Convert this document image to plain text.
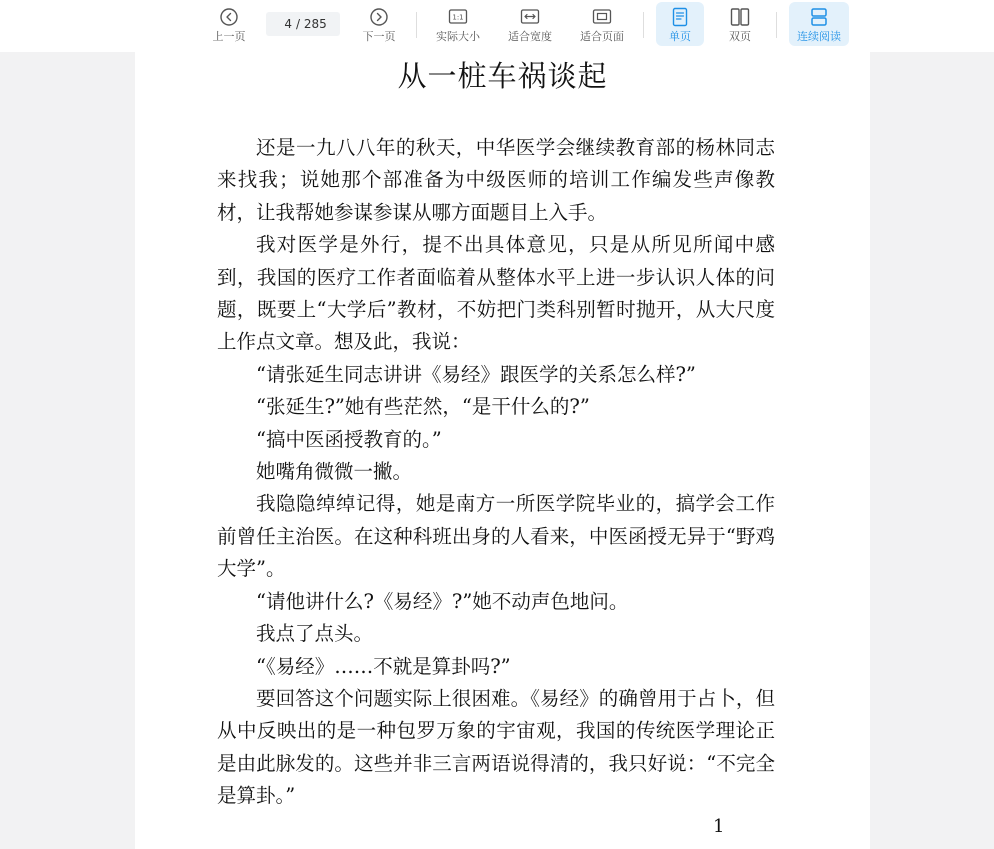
上一页
4
/ 285
下一页
1:1
实际大小	适合宽度	适合页面	单页	双页	连续阅读
从一桩车祸谈起

还是一九八八年的秋天，中华医学会继续教育部的杨林同志来找我；说她那个部准备为中级医师的培训工作编发些声像教材，让我帮她参谋参谋从哪方面题目上入手。

我对医学是外行，提不出具体意见，只是从所见所闻中感到，我国的医疗工作者面临着从整体水平上进一步认识人体的问题，既要上“大学后”教材，不妨把门类科别暂时抛开，从大尺度上作点文章。想及此，我说：

“请张延生同志讲讲《易经》跟医学的关系怎么样?”

“张延生?”她有些茫然，“是干什么的?”

“搞中医函授教育的。”

她嘴角微微一撇。

我隐隐绰绰记得，她是南方一所医学院毕业的，搞学会工作前曾任主治医。在这种科班出身的人看来，中医函授无异于“野鸡大学”。

“请他讲什么?《易经》?”她不动声色地问。

我点了点头。

“《易经》……不就是算卦吗?”

要回答这个问题实际上很困难。《易经》的确曾用于占卜，但从中反映出的是一种包罗万象的宇宙观，我国的传统医学理论正是由此脉发的。这些并非三言两语说得清的，我只好说：“不完全是算卦。”

1
